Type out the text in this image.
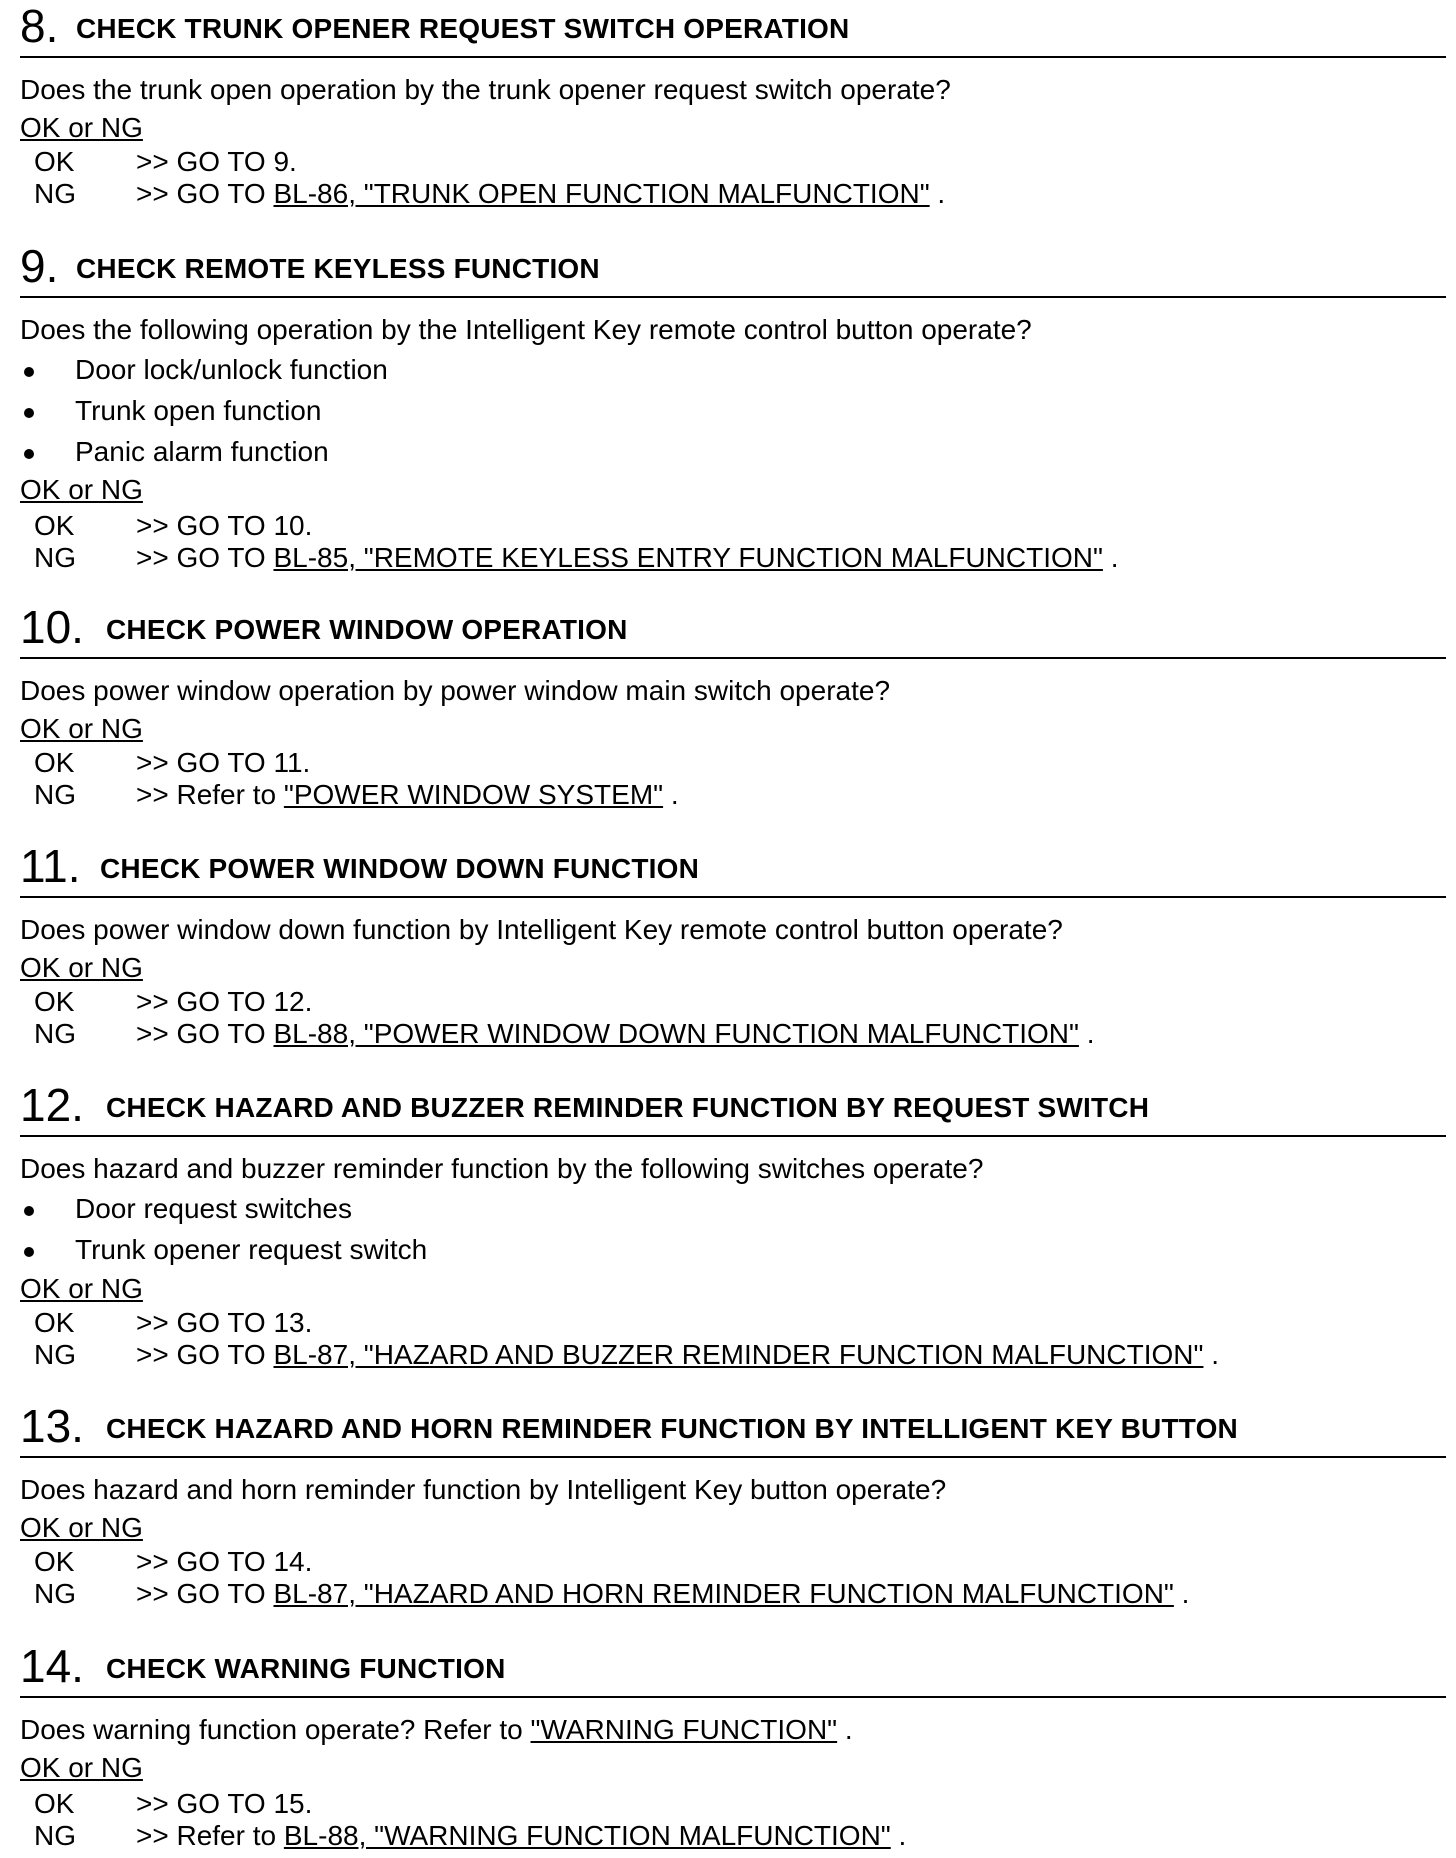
8. CHECK TRUNK OPENER REQUEST SWITCH OPERATION
Does the trunk open operation by the trunk opener request switch operate?
OK or NG
OK >> GO TO 9.
NG >> GO TO BL-86, "TRUNK OPEN FUNCTION MALFUNCTION" .
9. CHECK REMOTE KEYLESS FUNCTION
Does the following operation by the Intelligent Key remote control button operate?
Door lock/unlock function
Trunk open function
Panic alarm function
OK or NG
OK >> GO TO 10.
NG >> GO TO BL-85, "REMOTE KEYLESS ENTRY FUNCTION MALFUNCTION" .
10. CHECK POWER WINDOW OPERATION
Does power window operation by power window main switch operate?
OK or NG
OK >> GO TO 11.
NG >> Refer to "POWER WINDOW SYSTEM" .
11. CHECK POWER WINDOW DOWN FUNCTION
Does power window down function by Intelligent Key remote control button operate?
OK or NG
OK >> GO TO 12.
NG >> GO TO BL-88, "POWER WINDOW DOWN FUNCTION MALFUNCTION" .
12. CHECK HAZARD AND BUZZER REMINDER FUNCTION BY REQUEST SWITCH
Does hazard and buzzer reminder function by the following switches operate?
Door request switches
Trunk opener request switch
OK or NG
OK >> GO TO 13.
NG >> GO TO BL-87, "HAZARD AND BUZZER REMINDER FUNCTION MALFUNCTION" .
13. CHECK HAZARD AND HORN REMINDER FUNCTION BY INTELLIGENT KEY BUTTON
Does hazard and horn reminder function by Intelligent Key button operate?
OK or NG
OK >> GO TO 14.
NG >> GO TO BL-87, "HAZARD AND HORN REMINDER FUNCTION MALFUNCTION" .
14. CHECK WARNING FUNCTION
Does warning function operate? Refer to "WARNING FUNCTION" .
OK or NG
OK >> GO TO 15.
NG >> Refer to BL-88, "WARNING FUNCTION MALFUNCTION" .
